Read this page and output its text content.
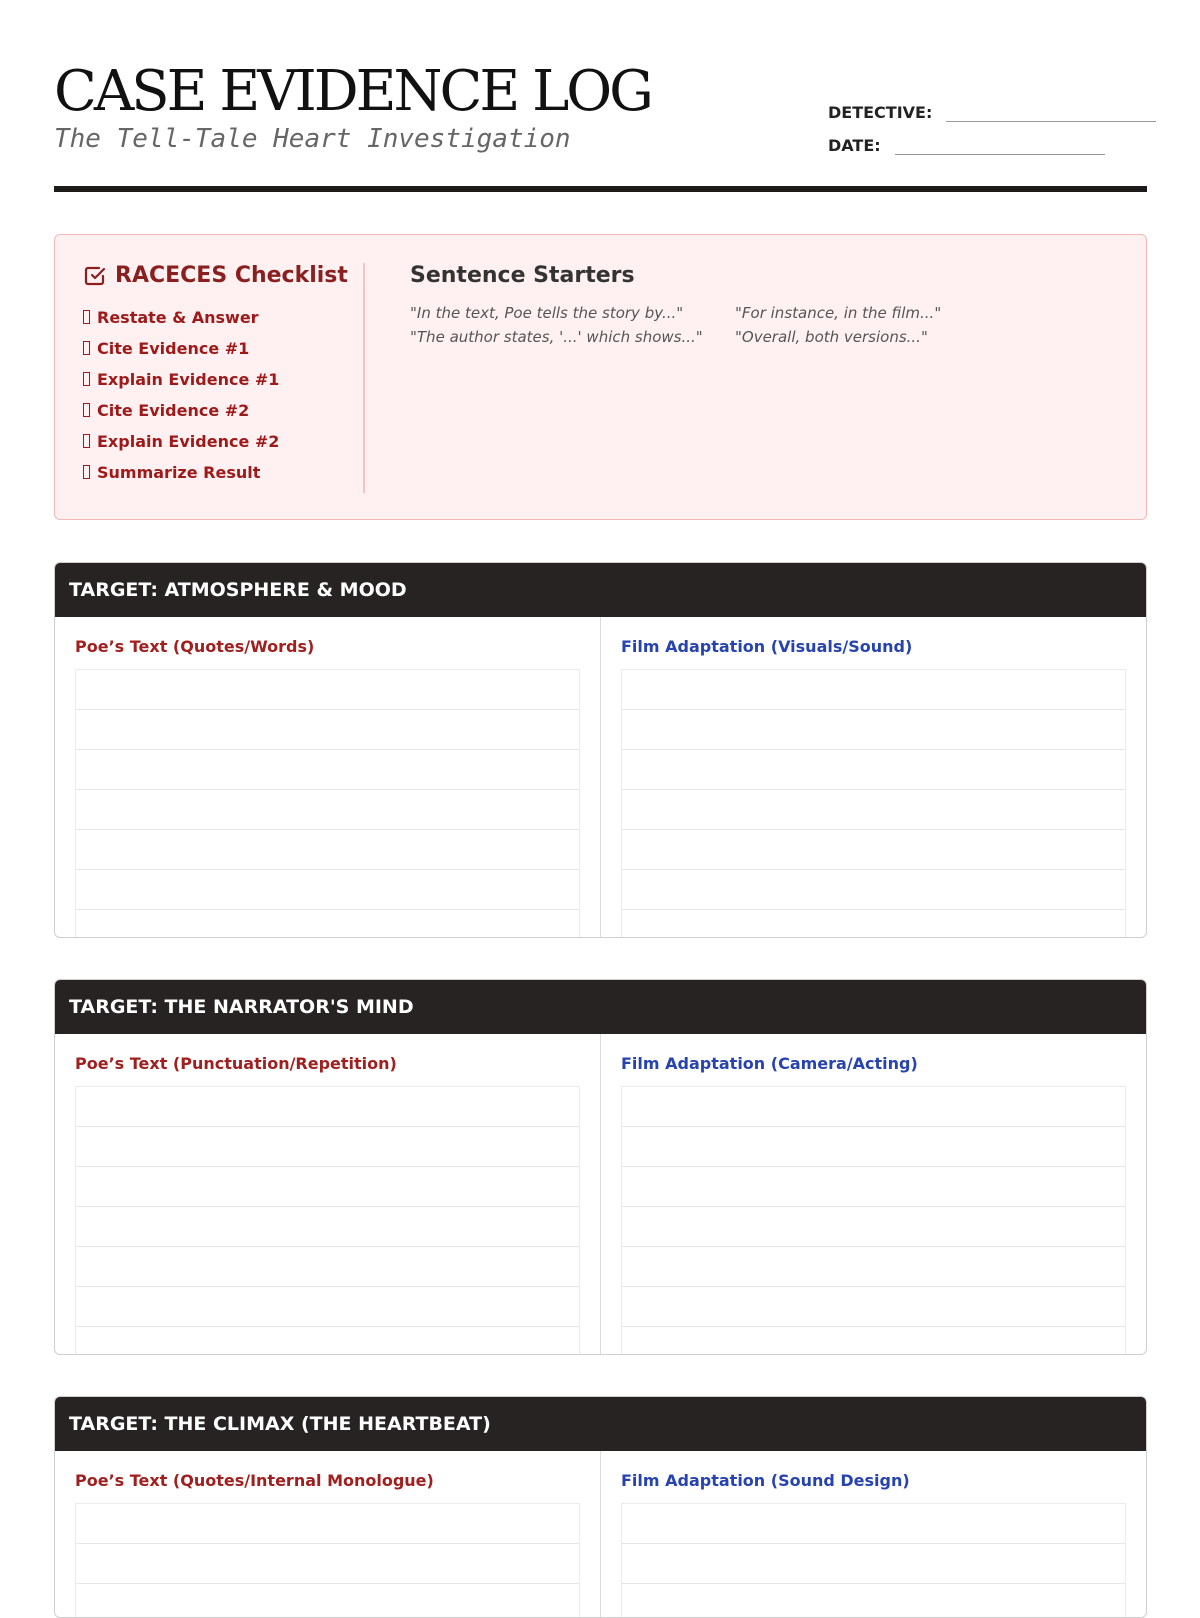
CASE EVIDENCE LOG
The Tell-Tale Heart Investigation
DETECTIVE:
DATE:
RACECES Checklist
Restate & Answer
Cite Evidence #1
Explain Evidence #1
Cite Evidence #2
Explain Evidence #2
Summarize Result
Sentence Starters
"In the text, Poe tells the story by..."	"For instance, in the film..."
"The author states, '...' which shows..."	"Overall, both versions..."
TARGET: ATMOSPHERE & MOOD
Poe’s Text (Quotes/Words)	Film Adaptation (Visuals/Sound)
TARGET: THE NARRATOR'S MIND
Poe’s Text (Punctuation/Repetition)	Film Adaptation (Camera/Acting)
TARGET: THE CLIMAX (THE HEARTBEAT)
Poe’s Text (Quotes/Internal Monologue)	Film Adaptation (Sound Design)
